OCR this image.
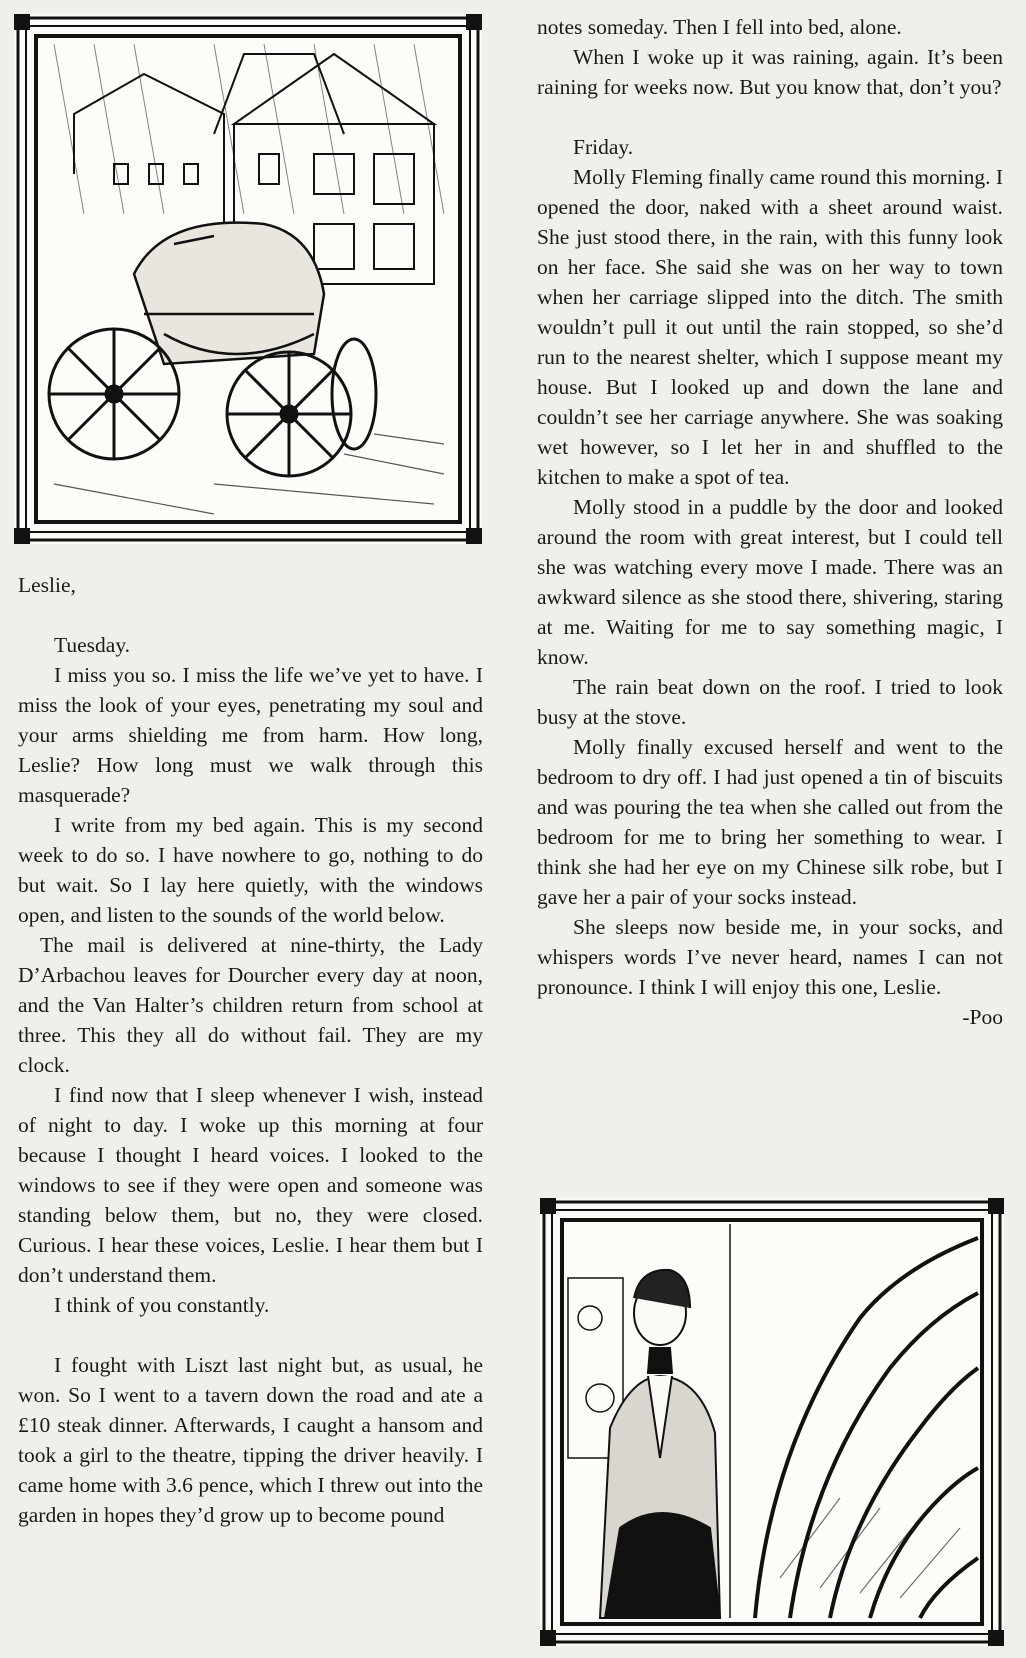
Leslie,

Tuesday.

I miss you so. I miss the life we’ve yet to have. I miss the look of your eyes, penetrating my soul and your arms shielding me from harm. How long, Leslie? How long must we walk through this masquerade?

I write from my bed again. This is my second week to do so. I have nowhere to go, nothing to do but wait. So I lay here quietly, with the windows open, and listen to the sounds of the world below.

The mail is delivered at nine-thirty, the Lady D’Arbachou leaves for Dourcher every day at noon, and the Van Halter’s children return from school at three. This they all do without fail. They are my clock.

I find now that I sleep whenever I wish, instead of night to day. I woke up this morning at four because I thought I heard voices. I looked to the windows to see if they were open and someone was standing below them, but no, they were closed. Curious. I hear these voices, Leslie. I hear them but I don’t understand them.

I think of you constantly.

I fought with Liszt last night but, as usual, he won. So I went to a tavern down the road and ate a £10 steak dinner. Afterwards, I caught a hansom and took a girl to the theatre, tipping the driver heavily. I came home with 3.6 pence, which I threw out into the garden in hopes they’d grow up to become pound

notes someday. Then I fell into bed, alone.

When I woke up it was raining, again. It’s been raining for weeks now. But you know that, don’t you?

Friday.

Molly Fleming finally came round this morning. I opened the door, naked with a sheet around waist. She just stood there, in the rain, with this funny look on her face. She said she was on her way to town when her carriage slipped into the ditch. The smith wouldn’t pull it out until the rain stopped, so she’d run to the nearest shelter, which I suppose meant my house. But I looked up and down the lane and couldn’t see her carriage anywhere. She was soaking wet however, so I let her in and shuffled to the kitchen to make a spot of tea.

Molly stood in a puddle by the door and looked around the room with great interest, but I could tell she was watching every move I made. There was an awkward silence as she stood there, shivering, staring at me. Waiting for me to say something magic, I know.

The rain beat down on the roof. I tried to look busy at the stove.

Molly finally excused herself and went to the bedroom to dry off. I had just opened a tin of biscuits and was pouring the tea when she called out from the bedroom for me to bring her something to wear. I think she had her eye on my Chinese silk robe, but I gave her a pair of your socks instead.

She sleeps now beside me, in your socks, and whispers words I’ve never heard, names I can not pronounce. I think I will enjoy this one, Leslie.

-Poo
